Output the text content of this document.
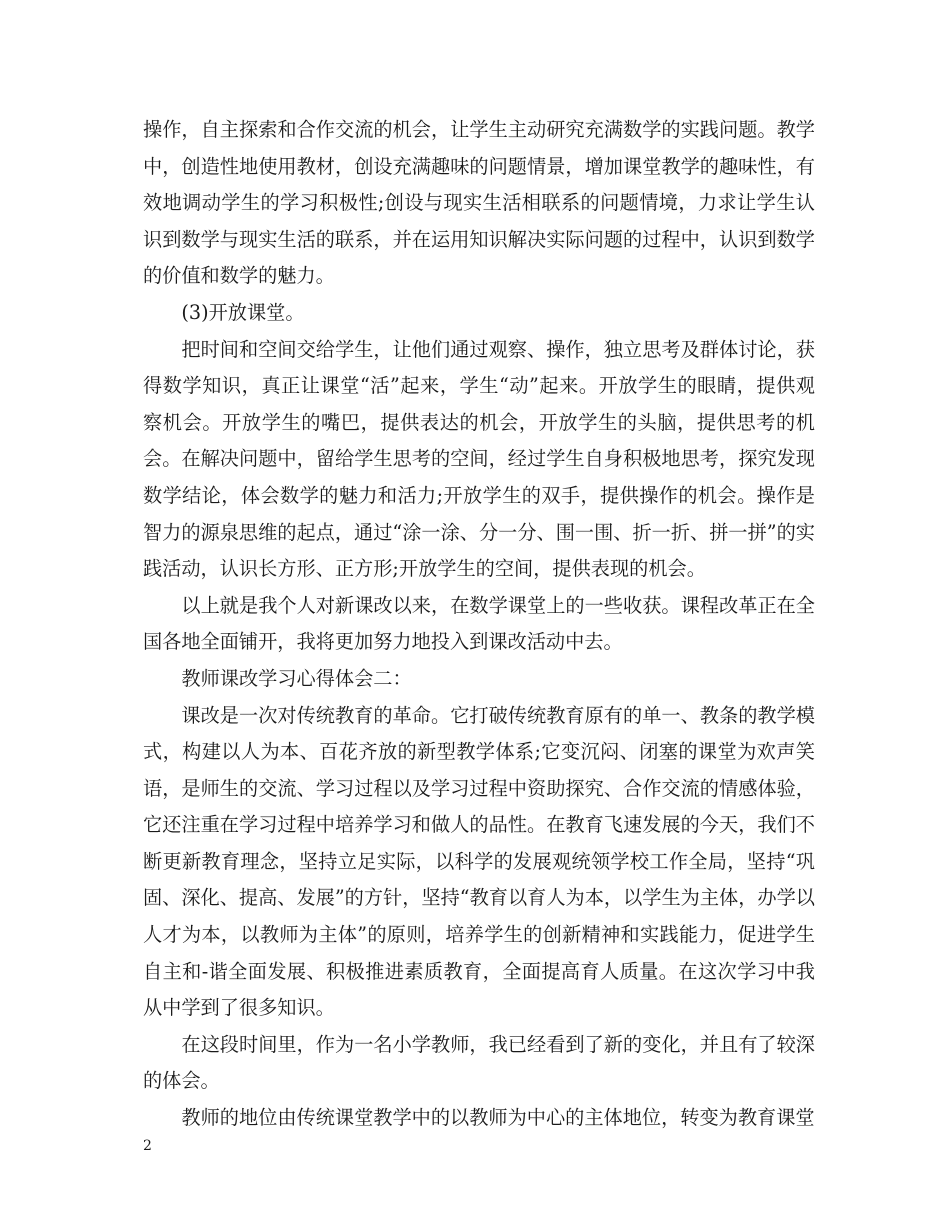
操作，自主探索和合作交流的机会，让学生主动研究充满数学的实践问题。教学中，创造性地使用教材，创设充满趣味的问题情景，增加课堂教学的趣味性，有效地调动学生的学习积极性;创设与现实生活相联系的问题情境，力求让学生认识到数学与现实生活的联系，并在运用知识解决实际问题的过程中，认识到数学的价值和数学的魅力。

(3)开放课堂。

把时间和空间交给学生，让他们通过观察、操作，独立思考及群体讨论，获得数学知识，真正让课堂“活”起来，学生“动”起来。开放学生的眼睛，提供观察机会。开放学生的嘴巴，提供表达的机会，开放学生的头脑，提供思考的机会。在解决问题中，留给学生思考的空间，经过学生自身积极地思考，探究发现数学结论，体会数学的魅力和活力;开放学生的双手，提供操作的机会。操作是智力的源泉思维的起点，通过“涂一涂、分一分、围一围、折一折、拼一拼”的实践活动，认识长方形、正方形;开放学生的空间，提供表现的机会。

以上就是我个人对新课改以来，在数学课堂上的一些收获。课程改革正在全国各地全面铺开，我将更加努力地投入到课改活动中去。

教师课改学习心得体会二：

课改是一次对传统教育的革命。它打破传统教育原有的单一、教条的教学模式，构建以人为本、百花齐放的新型教学体系;它变沉闷、闭塞的课堂为欢声笑语，是师生的交流、学习过程以及学习过程中资助探究、合作交流的情感体验，它还注重在学习过程中培养学习和做人的品性。在教育飞速发展的今天，我们不断更新教育理念，坚持立足实际，以科学的发展观统领学校工作全局，坚持“巩固、深化、提高、发展”的方针，坚持“教育以育人为本，以学生为主体，办学以人才为本，以教师为主体”的原则，培养学生的创新精神和实践能力，促进学生自主和-谐全面发展、积极推进素质教育，全面提高育人质量。在这次学习中我从中学到了很多知识。

在这段时间里，作为一名小学教师，我已经看到了新的变化，并且有了较深的体会。

教师的地位由传统课堂教学中的以教师为中心的主体地位，转变为教育课堂

2
